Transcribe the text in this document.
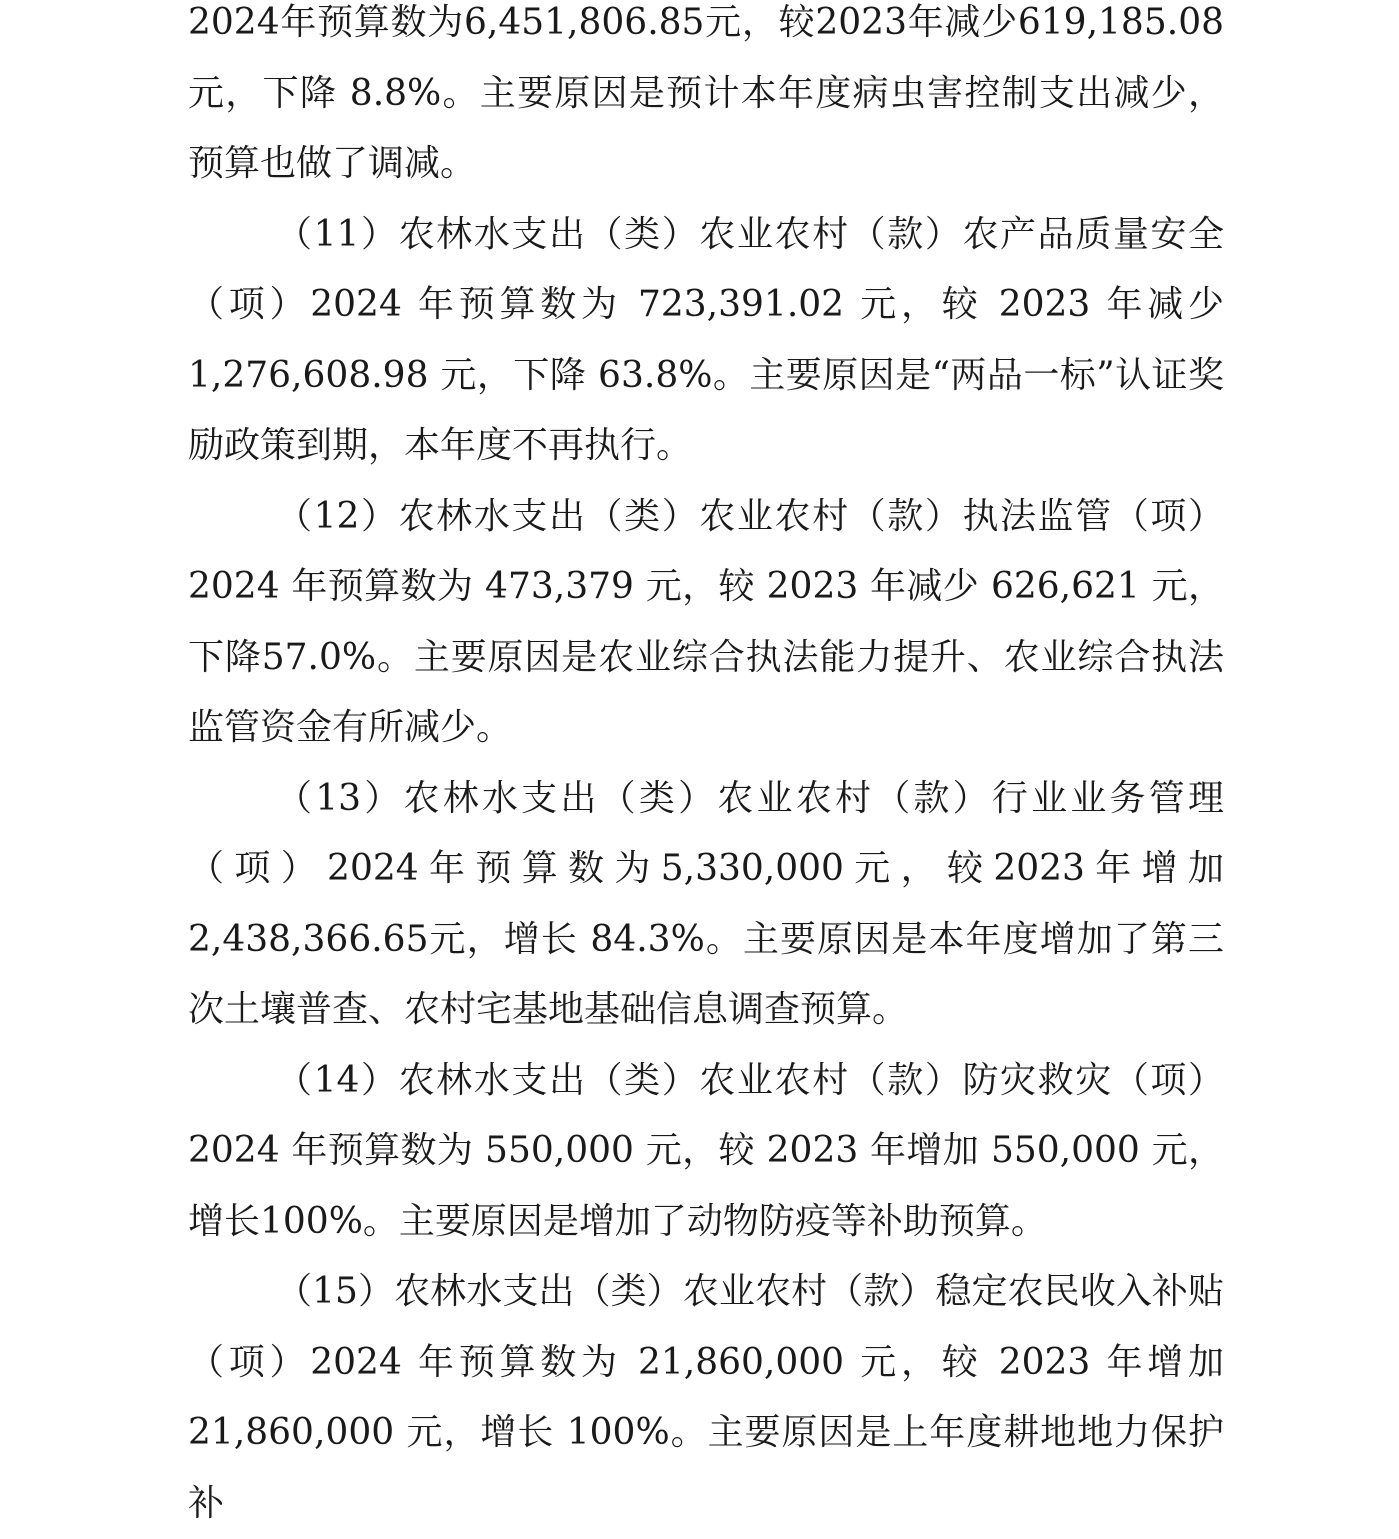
2024年预算数为6,451,806.85元，较2023年减少619,185.08元，下降 8.8%。主要原因是预计本年度病虫害控制支出减少，预算也做了调减。

（11）农林水支出（类）农业农村（款）农产品质量安全（项）2024 年预算数为 723,391.02 元，较 2023 年减少1,276,608.98 元，下降 63.8%。主要原因是“两品一标”认证奖励政策到期，本年度不再执行。

（12）农林水支出（类）农业农村（款）执法监管（项）2024 年预算数为 473,379 元，较 2023 年减少 626,621 元，下降57.0%。主要原因是农业综合执法能力提升、农业综合执法监管资金有所减少。

（13）农林水支出（类）农业农村（款）行业业务管理（项）2024年预算数为5,330,000元，较2023年增加2,438,366.65元，增长 84.3%。主要原因是本年度增加了第三次土壤普查、农村宅基地基础信息调查预算。

（14）农林水支出（类）农业农村（款）防灾救灾（项）2024 年预算数为 550,000 元，较 2023 年增加 550,000 元，增长100%。主要原因是增加了动物防疫等补助预算。

（15）农林水支出（类）农业农村（款）稳定农民收入补贴（项）2024 年预算数为 21,860,000 元，较 2023 年增加21,860,000 元，增长 100%。主要原因是上年度耕地地力保护补
